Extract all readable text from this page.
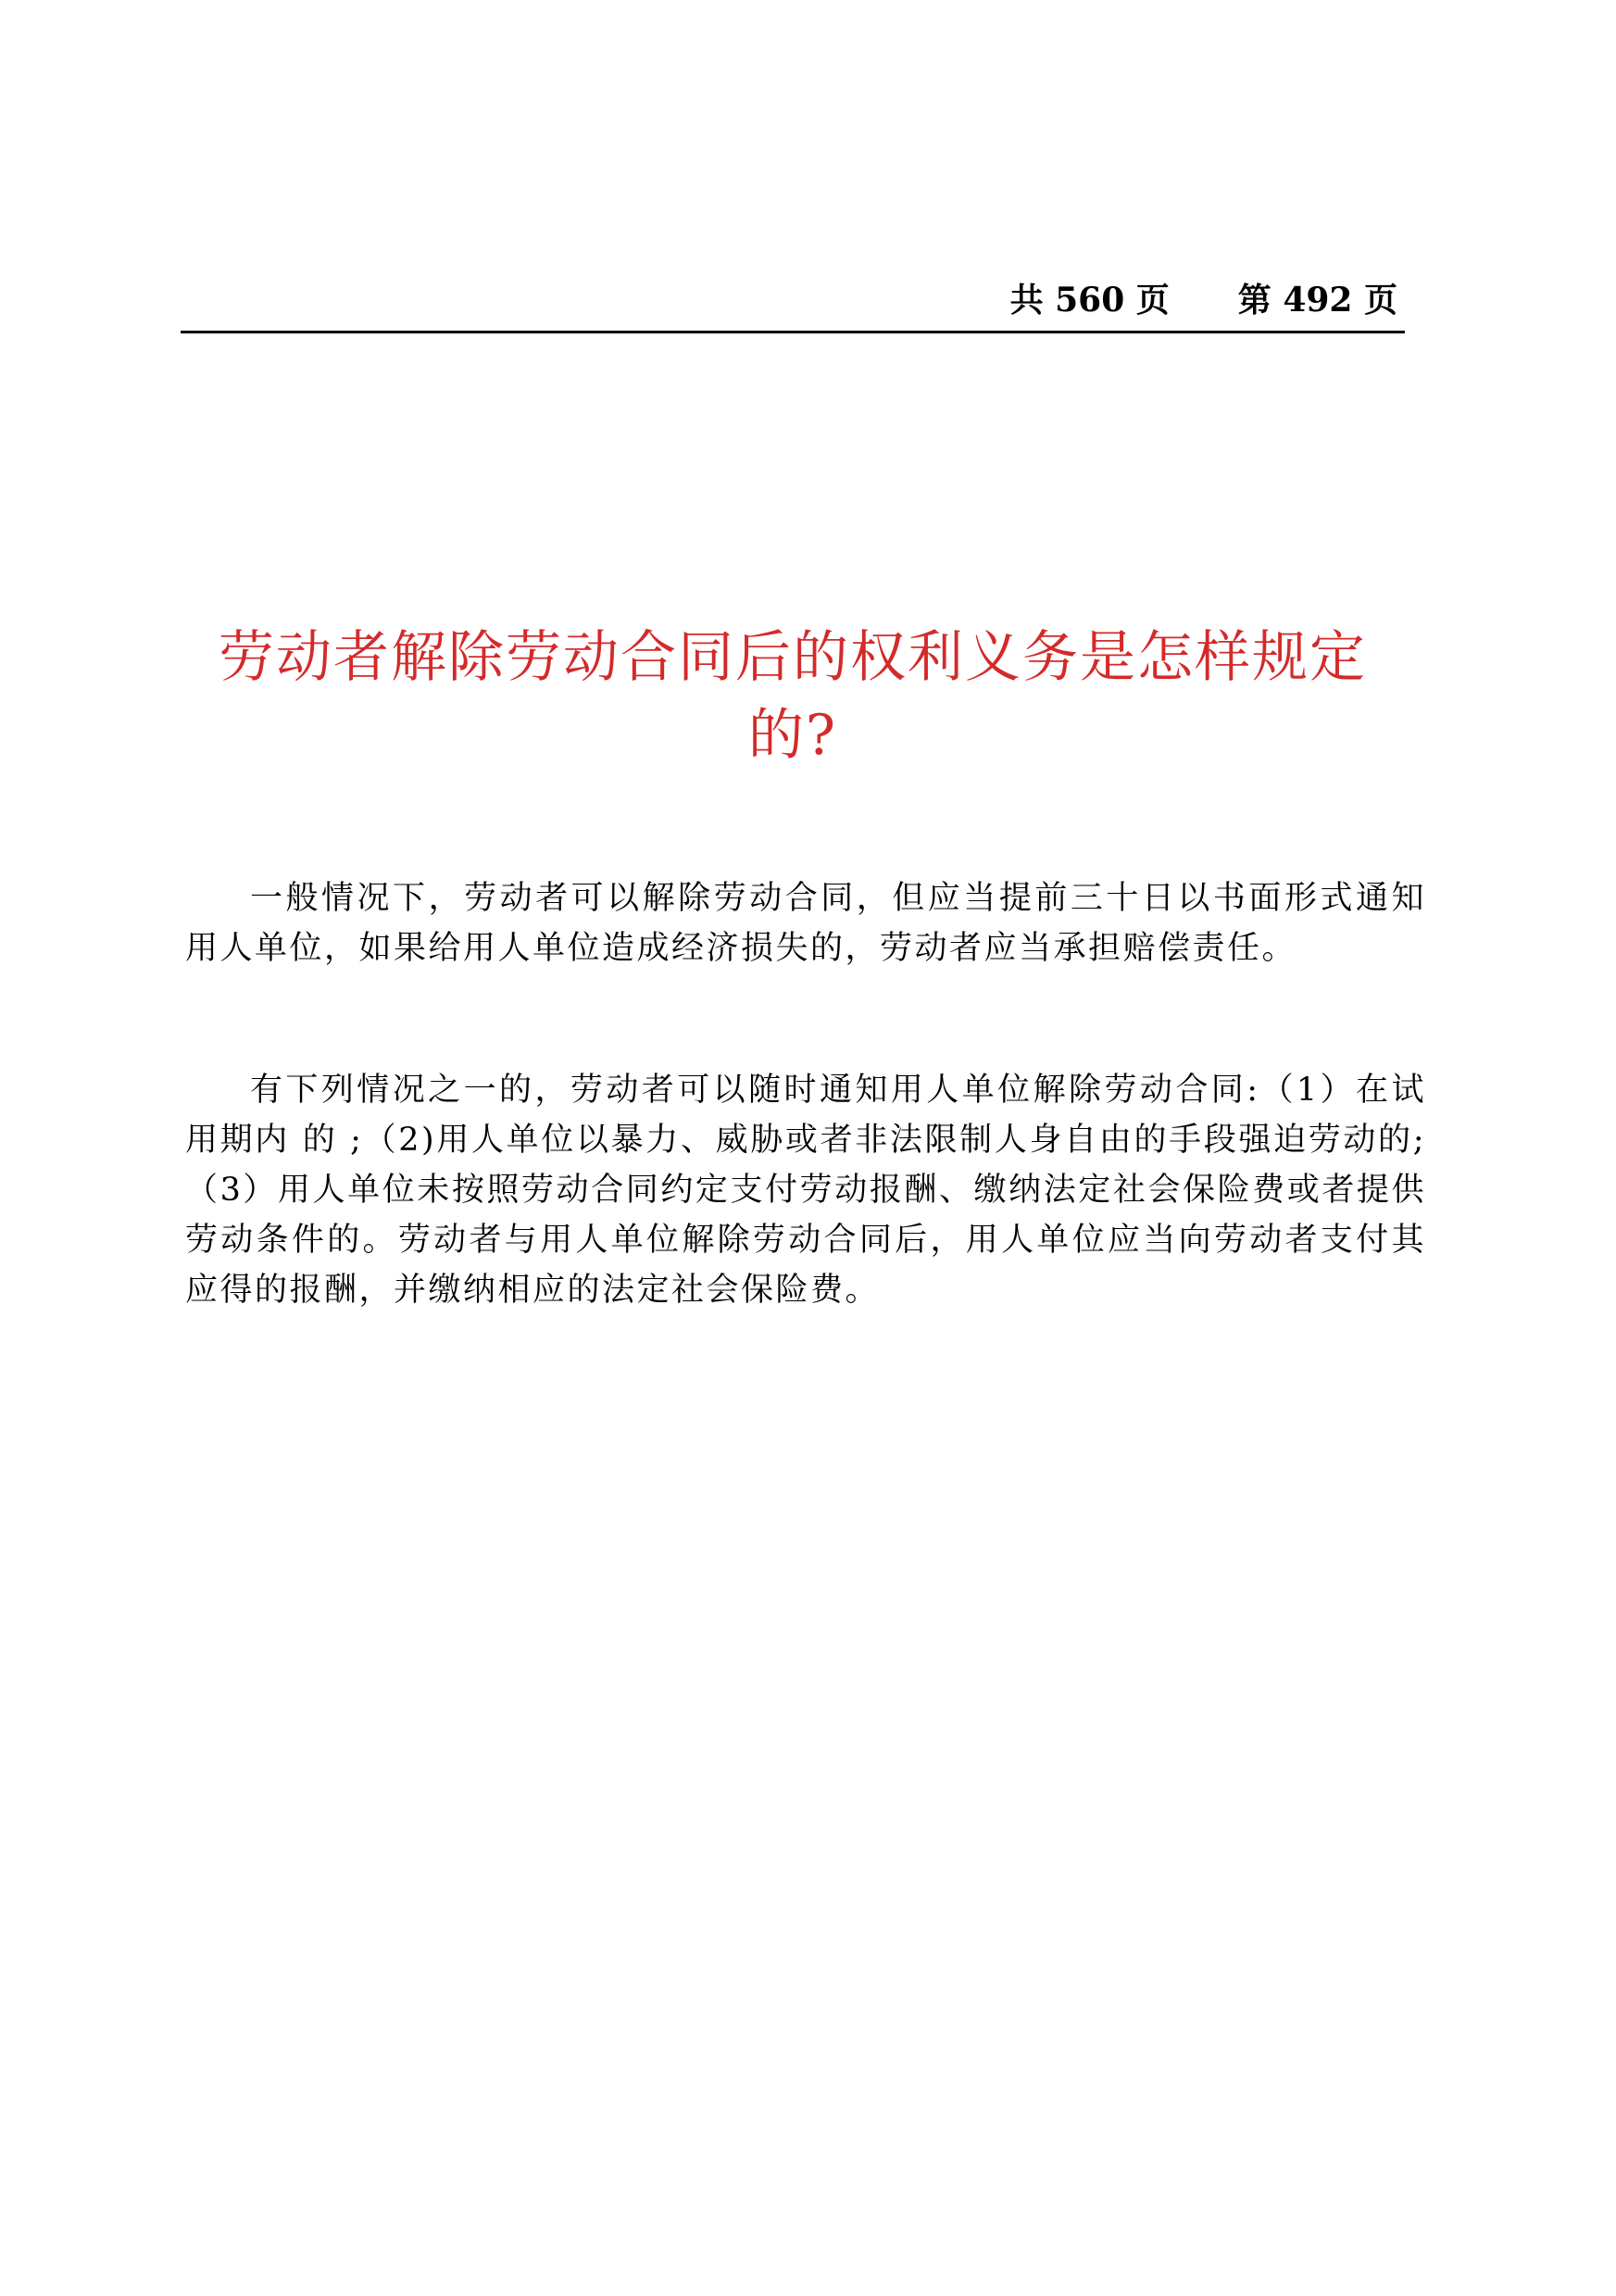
共 560 页 第 492 页
劳动者解除劳动合同后的权利义务是怎样规定的?

一般情况下，劳动者可以解除劳动合同，但应当提前三十日以书面形式通知用人单位，如果给用人单位造成经济损失的，劳动者应当承担赔偿责任。

有下列情况之一的，劳动者可以随时通知用人单位解除劳动合同:（1）在试用期内 的 ;（2)用人单位以暴力、威胁或者非法限制人身自由的手段强迫劳动的;（3）用人单位未按照劳动合同约定支付劳动报酬、缴纳法定社会保险费或者提供劳动条件的。劳动者与用人单位解除劳动合同后，用人单位应当向劳动者支付其应得的报酬，并缴纳相应的法定社会保险费。
